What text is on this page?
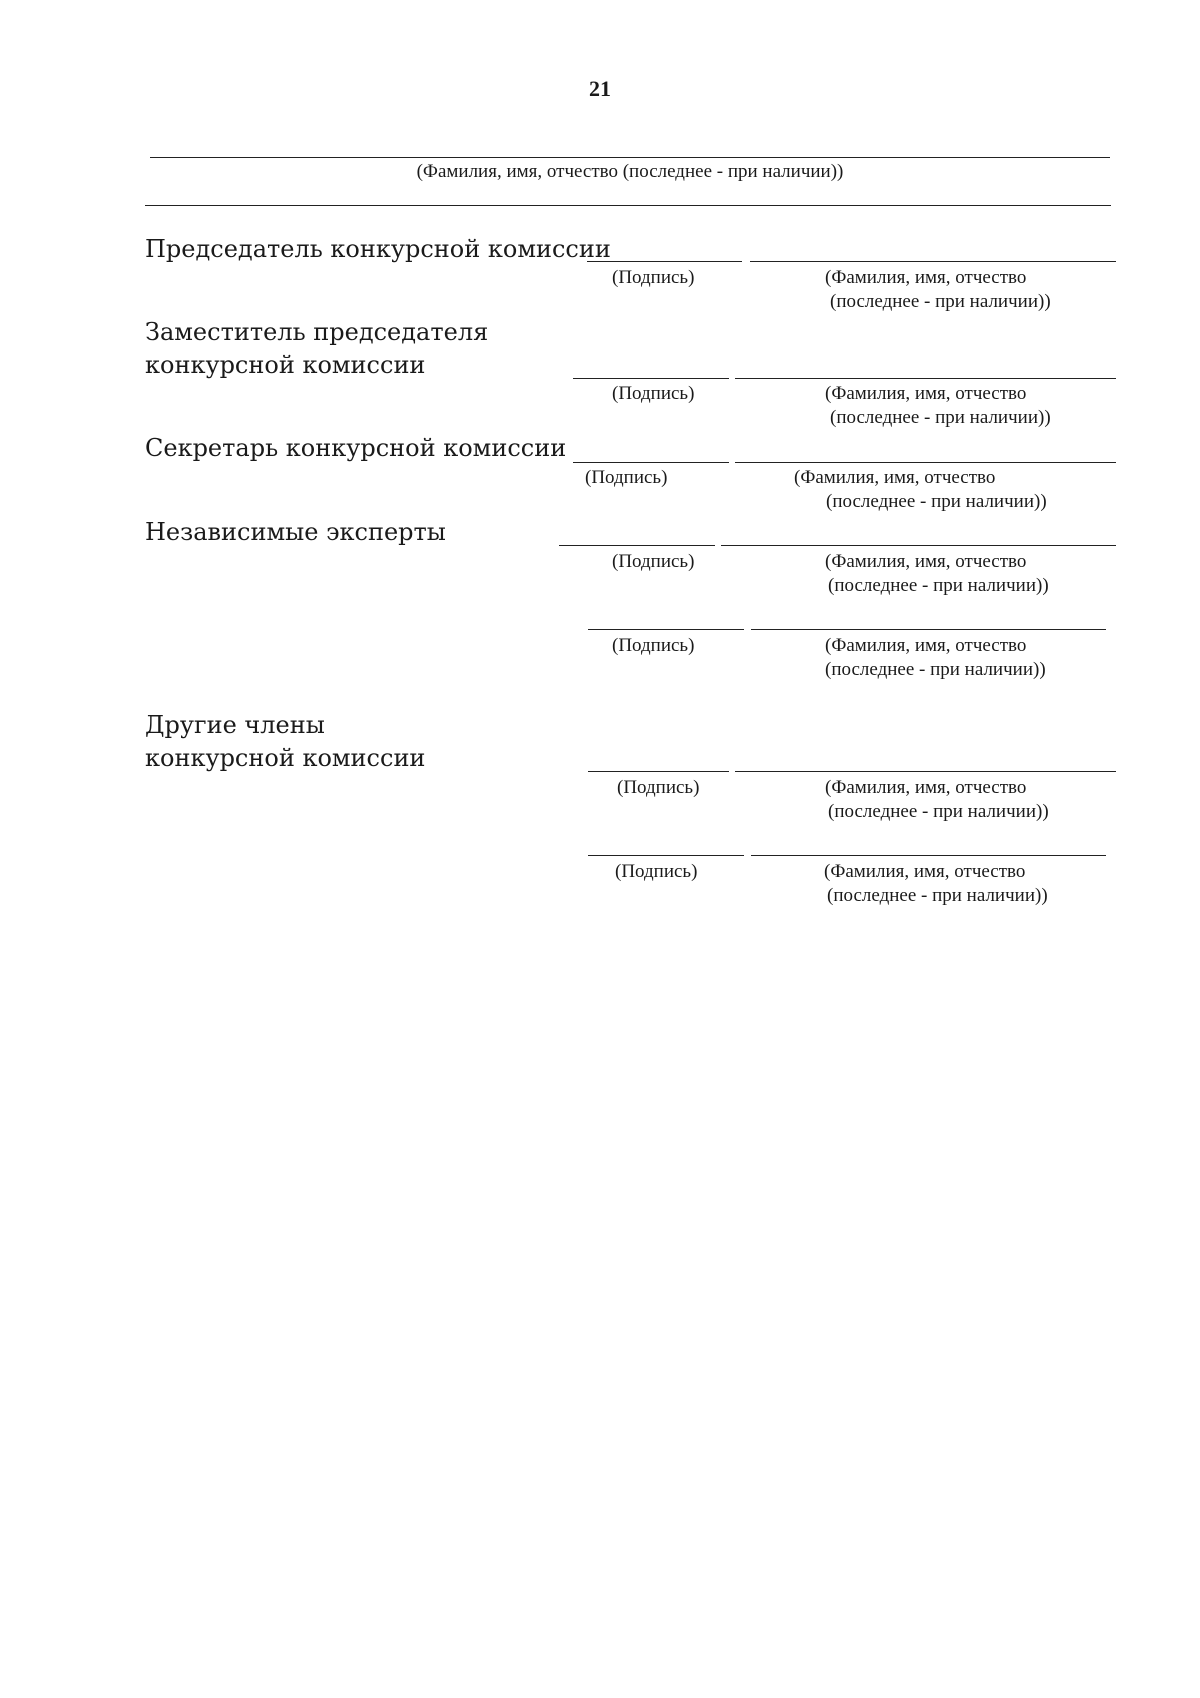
21
(Фамилия, имя, отчество (последнее - при наличии))
Председатель конкурсной комиссии
(Подпись)	(Фамилия, имя, отчество
(последнее - при наличии))
Заместитель председателя
конкурсной комиссии
(Подпись)	(Фамилия, имя, отчество
(последнее - при наличии))
Секретарь конкурсной комиссии
(Подпись)	(Фамилия, имя, отчество
(последнее - при наличии))
Независимые эксперты
(Подпись)	(Фамилия, имя, отчество
(последнее - при наличии))
(Подпись)	(Фамилия, имя, отчество
(последнее - при наличии))
Другие члены
конкурсной комиссии
(Подпись)	(Фамилия, имя, отчество
(последнее - при наличии))
(Подпись)	(Фамилия, имя, отчество
(последнее - при наличии))
